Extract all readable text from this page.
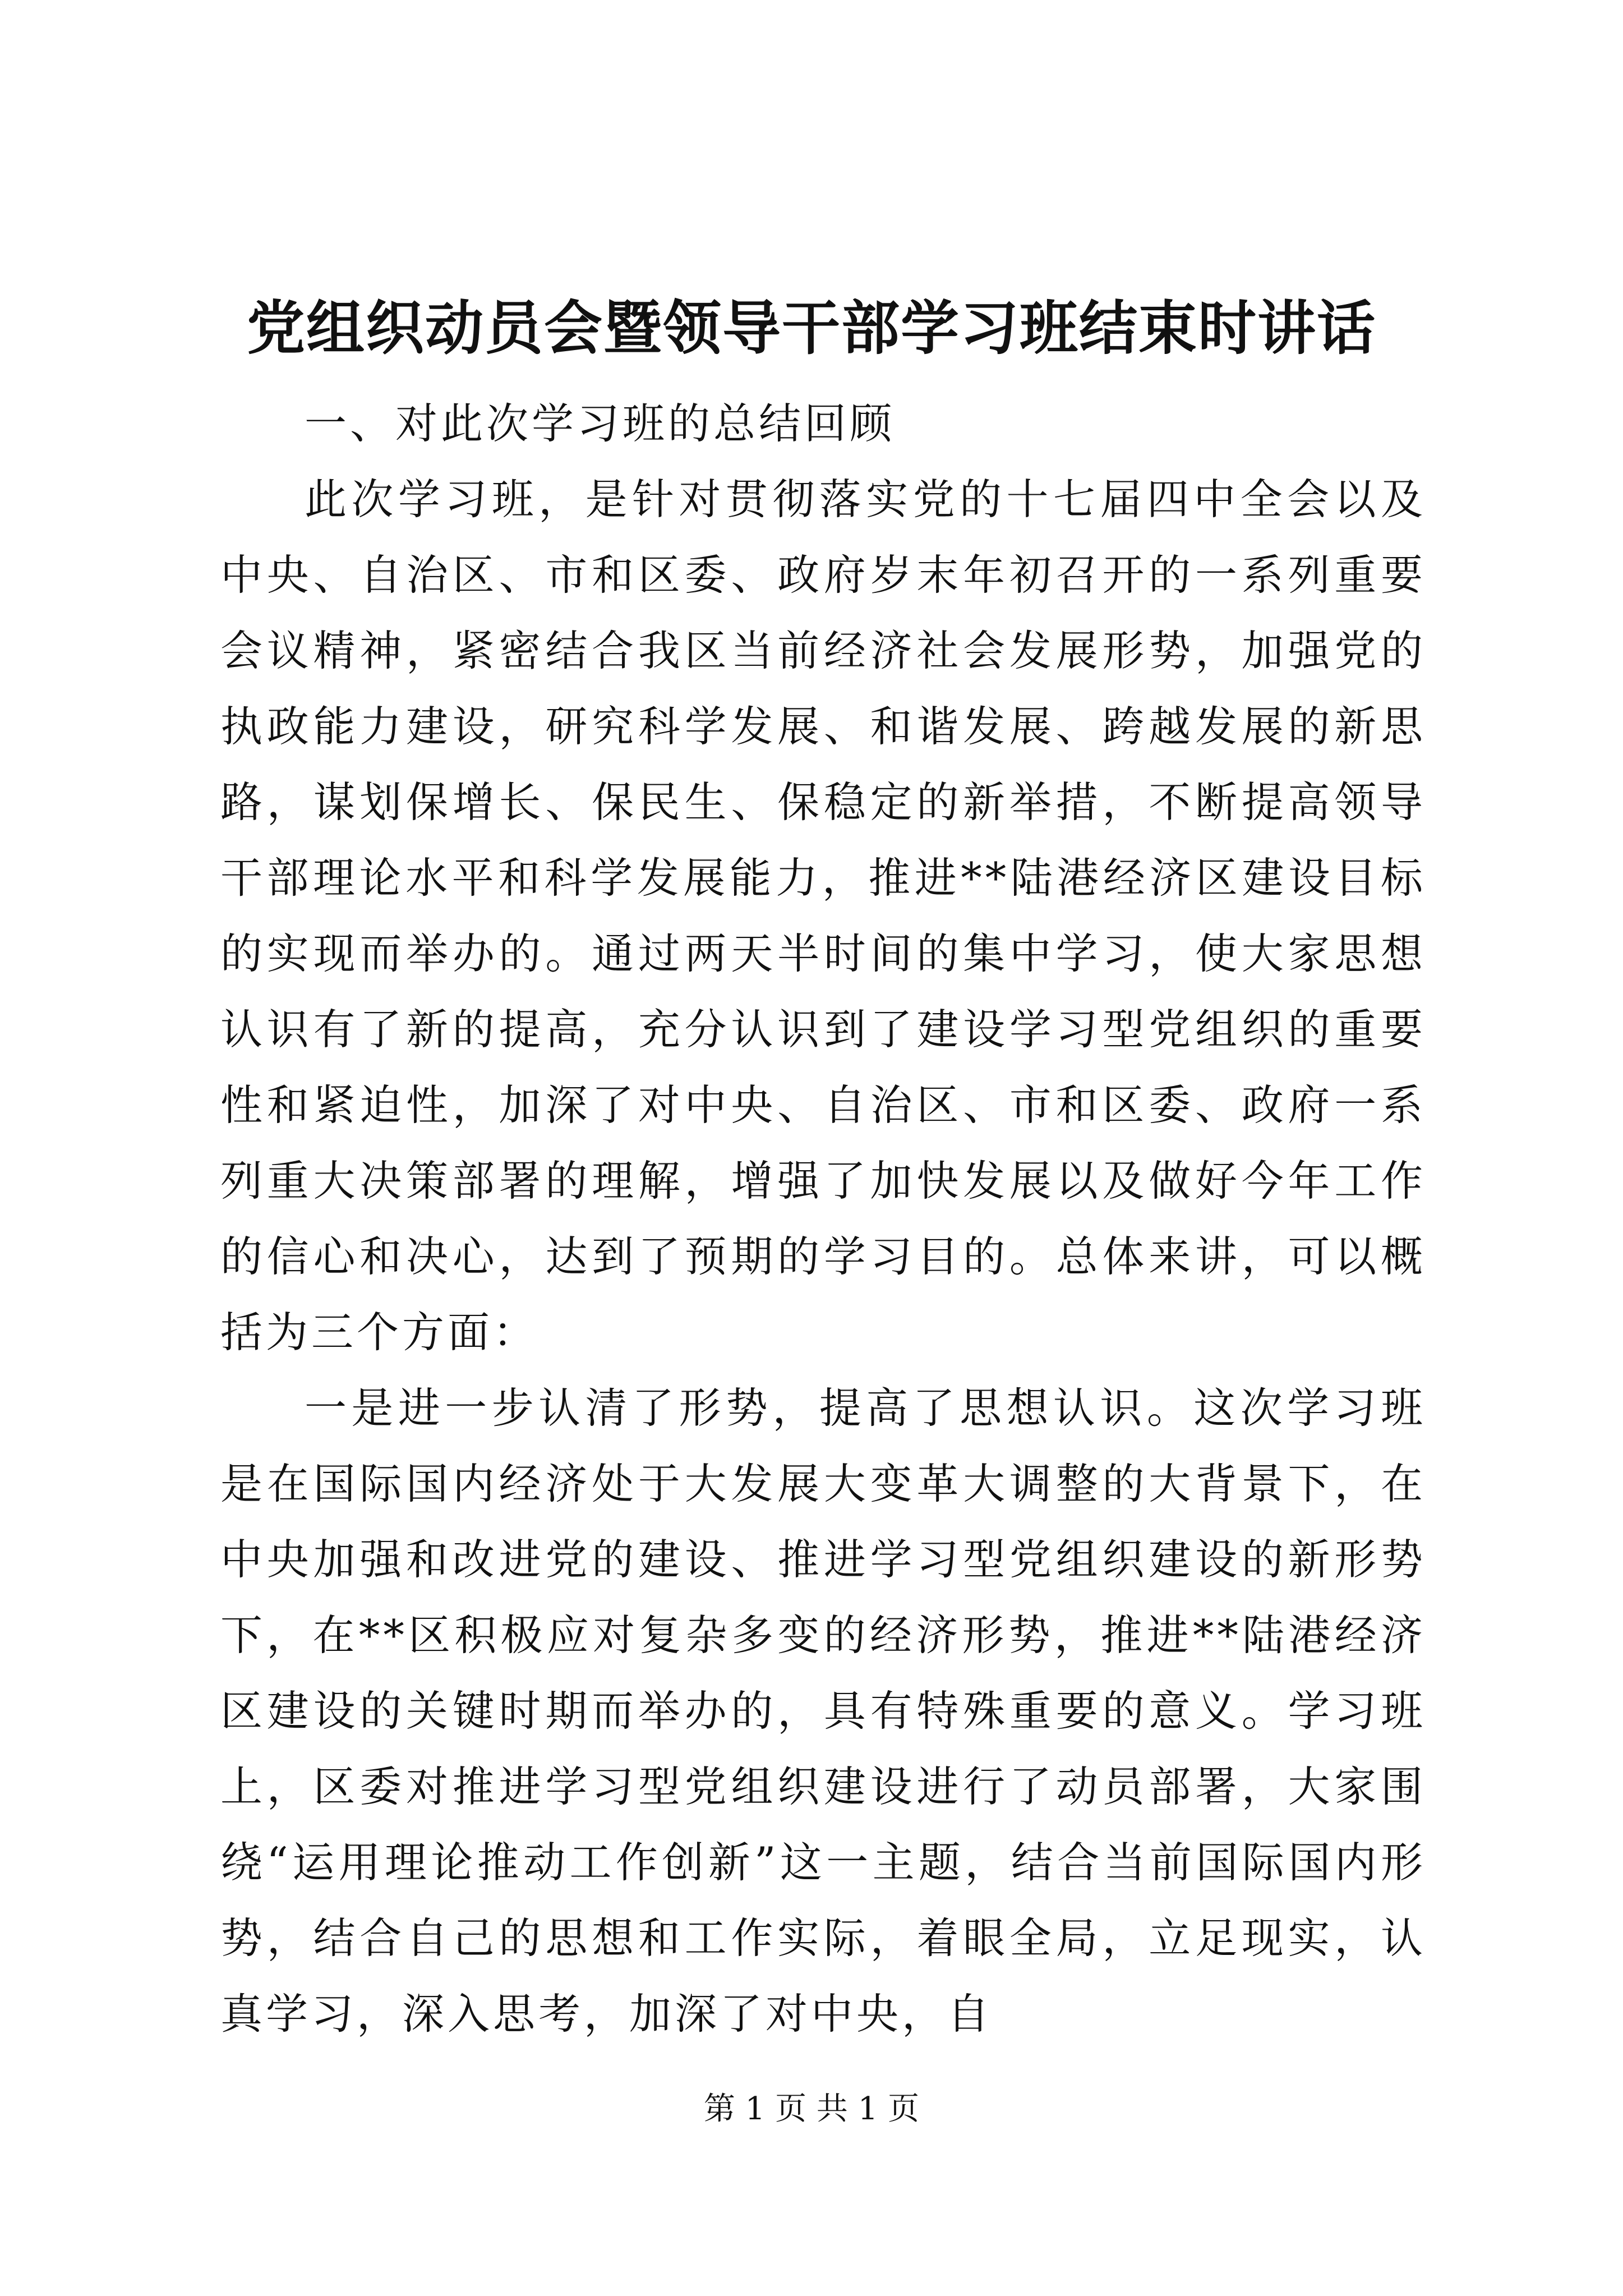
党组织动员会暨领导干部学习班结束时讲话

一、对此次学习班的总结回顾

此次学习班，是针对贯彻落实党的十七届四中全会以及中央、自治区、市和区委、政府岁末年初召开的一系列重要会议精神，紧密结合我区当前经济社会发展形势，加强党的执政能力建设，研究科学发展、和谐发展、跨越发展的新思路，谋划保增长、保民生、保稳定的新举措，不断提高领导干部理论水平和科学发展能力，推进**陆港经济区建设目标的实现而举办的。通过两天半时间的集中学习，使大家思想认识有了新的提高，充分认识到了建设学习型党组织的重要性和紧迫性，加深了对中央、自治区、市和区委、政府一系列重大决策部署的理解，增强了加快发展以及做好今年工作的信心和决心，达到了预期的学习目的。总体来讲，可以概括为三个方面：

一是进一步认清了形势，提高了思想认识。这次学习班是在国际国内经济处于大发展大变革大调整的大背景下，在中央加强和改进党的建设、推进学习型党组织建设的新形势下，在**区积极应对复杂多变的经济形势，推进**陆港经济区建设的关键时期而举办的，具有特殊重要的意义。学习班上，区委对推进学习型党组织建设进行了动员部署，大家围绕“运用理论推动工作创新”这一主题，结合当前国际国内形势，结合自己的思想和工作实际，着眼全局，立足现实，认真学习，深入思考，加深了对中央，自

第 1 页 共 1 页
